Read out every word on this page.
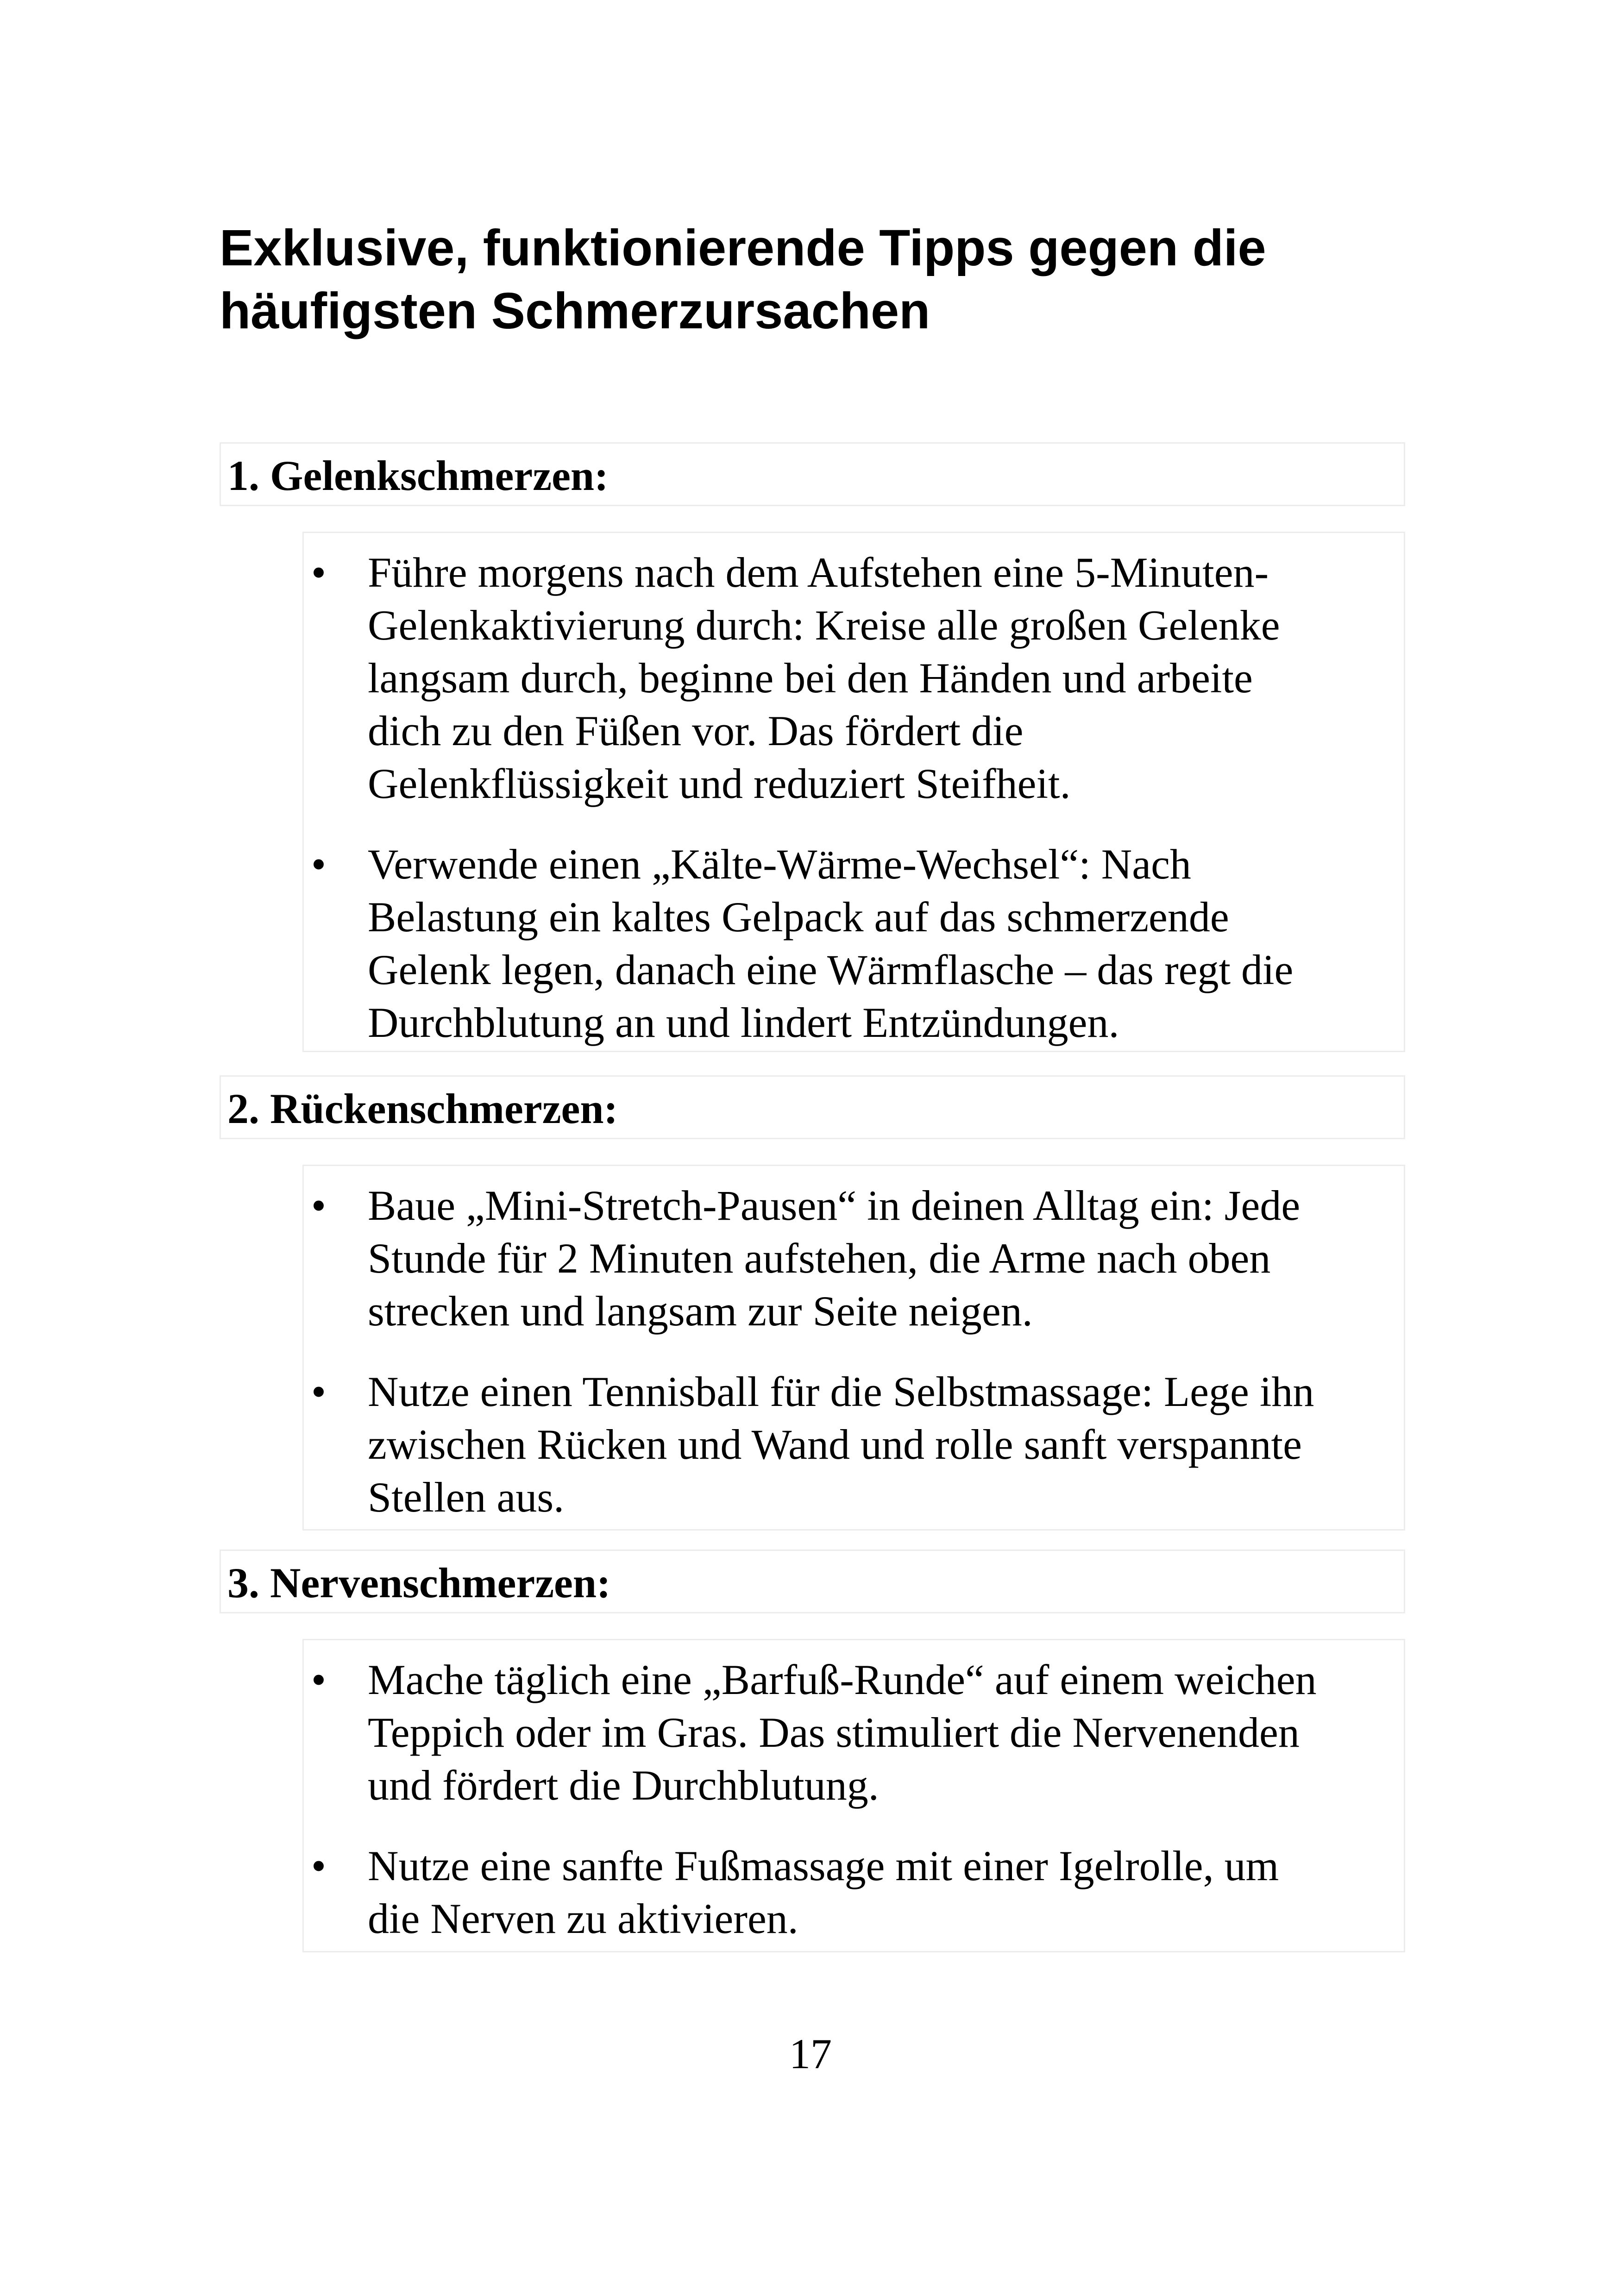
Exklusive, funktionierende Tipps gegen die häufigsten Schmerzursachen
1. Gelenkschmerzen:
• Führe morgens nach dem Aufstehen eine 5-Minuten-
Gelenkaktivierung durch: Kreise alle großen Gelenke
langsam durch, beginne bei den Händen und arbeite
dich zu den Füßen vor. Das fördert die
Gelenkflüssigkeit und reduziert Steifheit.
• Verwende einen „Kälte-Wärme-Wechsel“: Nach
Belastung ein kaltes Gelpack auf das schmerzende
Gelenk legen, danach eine Wärmflasche – das regt die
Durchblutung an und lindert Entzündungen.
2. Rückenschmerzen:
• Baue „Mini-Stretch-Pausen“ in deinen Alltag ein: Jede
Stunde für 2 Minuten aufstehen, die Arme nach oben
strecken und langsam zur Seite neigen.
• Nutze einen Tennisball für die Selbstmassage: Lege ihn
zwischen Rücken und Wand und rolle sanft verspannte
Stellen aus.
3. Nervenschmerzen:
• Mache täglich eine „Barfuß-Runde“ auf einem weichen
Teppich oder im Gras. Das stimuliert die Nervenenden
und fördert die Durchblutung.
• Nutze eine sanfte Fußmassage mit einer Igelrolle, um
die Nerven zu aktivieren.
17
